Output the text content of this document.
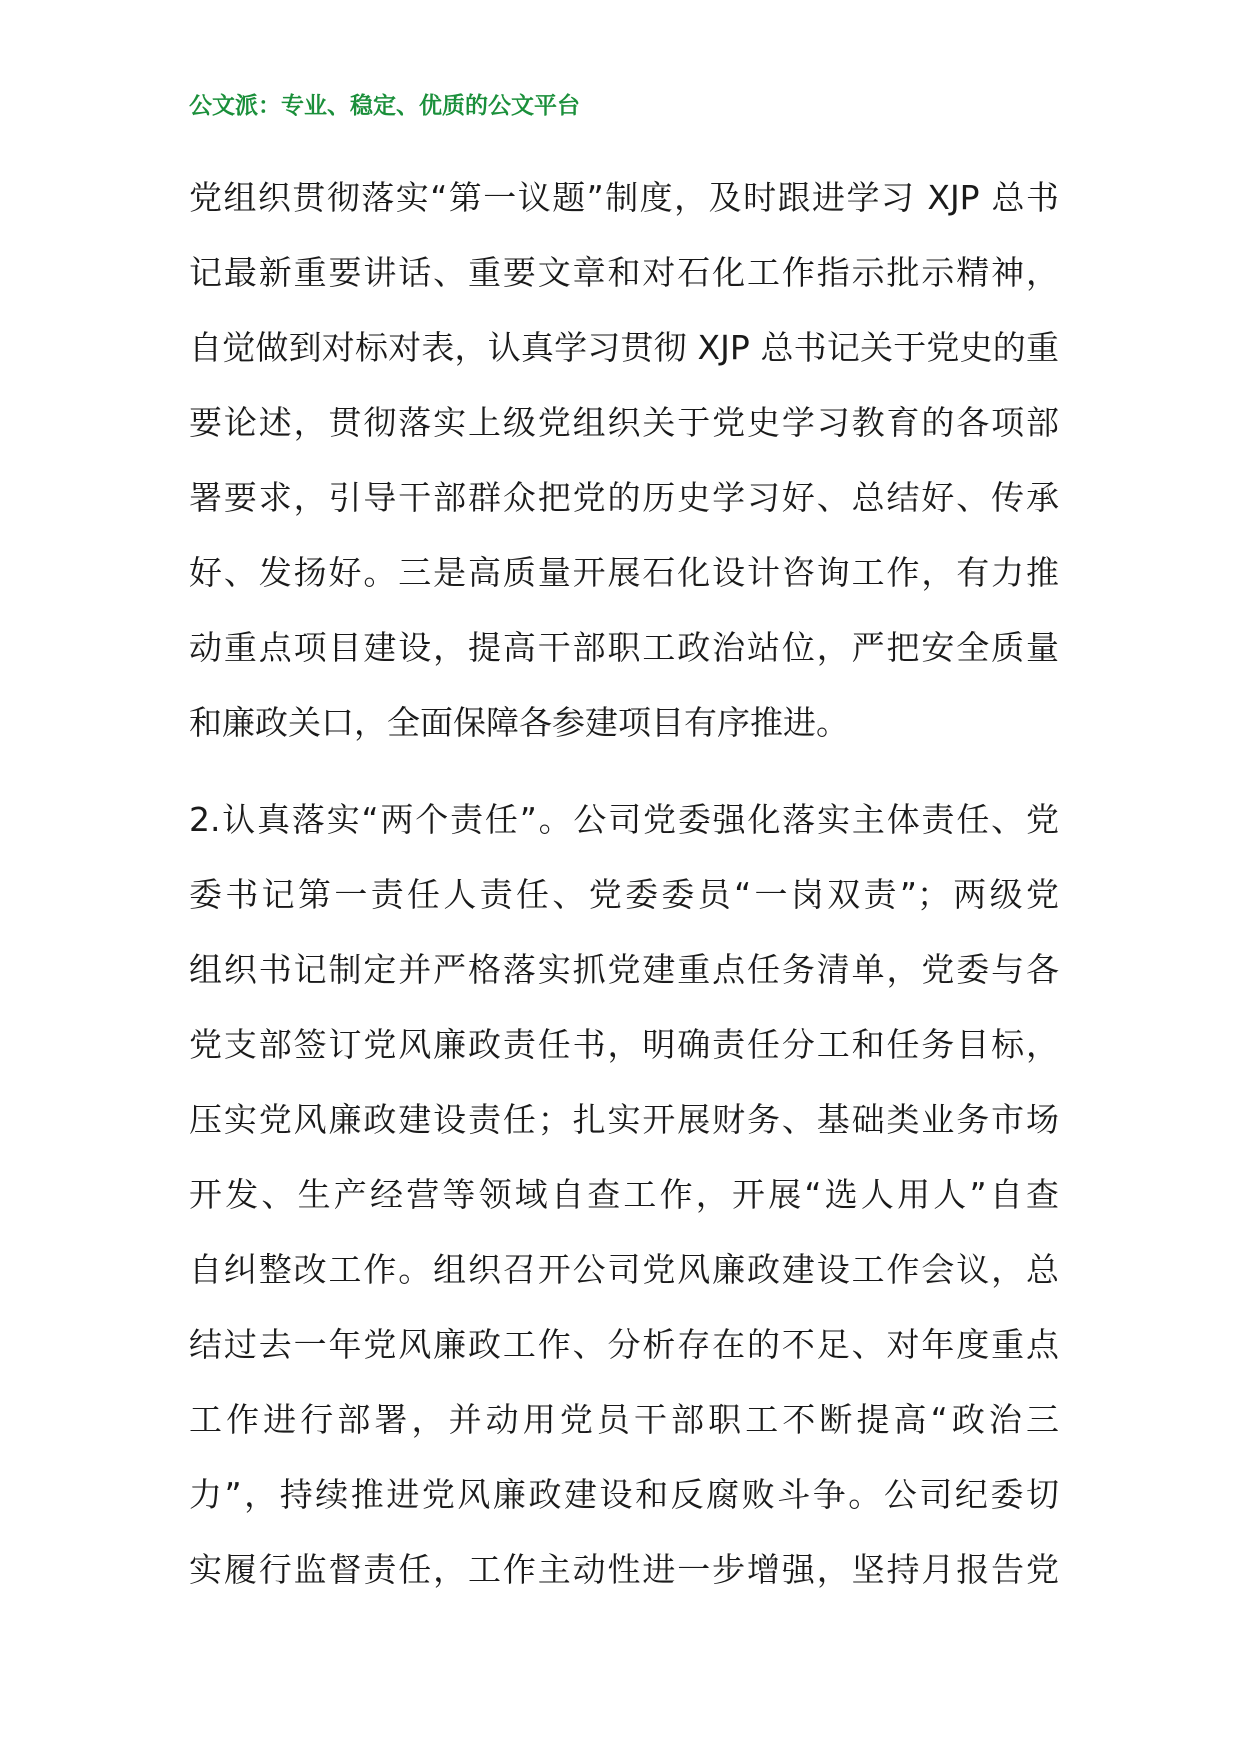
公文派：专业、稳定、优质的公文平台
党组织贯彻落实“第一议题”制度，及时跟进学习 XJP 总书
记最新重要讲话、重要文章和对石化工作指示批示精神，
自觉做到对标对表，认真学习贯彻 XJP 总书记关于党史的重
要论述，贯彻落实上级党组织关于党史学习教育的各项部
署要求，引导干部群众把党的历史学习好、总结好、传承
好、发扬好。三是高质量开展石化设计咨询工作，有力推
动重点项目建设，提高干部职工政治站位，严把安全质量
和廉政关口，全面保障各参建项目有序推进。
2.认真落实“两个责任”。公司党委强化落实主体责任、党
委书记第一责任人责任、党委委员“一岗双责”；两级党
组织书记制定并严格落实抓党建重点任务清单，党委与各
党支部签订党风廉政责任书，明确责任分工和任务目标，
压实党风廉政建设责任；扎实开展财务、基础类业务市场
开发、生产经营等领域自查工作，开展“选人用人”自查
自纠整改工作。组织召开公司党风廉政建设工作会议，总
结过去一年党风廉政工作、分析存在的不足、对年度重点
工作进行部署，并动用党员干部职工不断提高“政治三
力”，持续推进党风廉政建设和反腐败斗争。公司纪委切
实履行监督责任，工作主动性进一步增强，坚持月报告党
